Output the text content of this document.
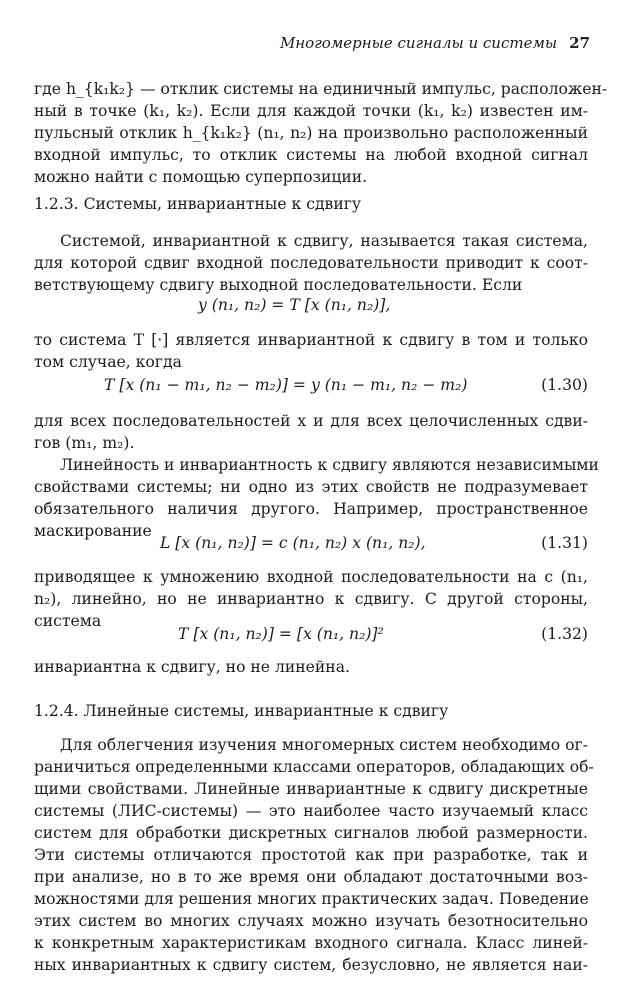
Многомерные сигналы и системы 27
где h_{k₁k₂} — отклик системы на единичный импульс, расположен-
ный в точке (k₁, k₂). Если для каждой точки (k₁, k₂) известен им-
пульсный отклик h_{k₁k₂} (n₁, n₂) на произвольно расположенный
входной импульс, то отклик системы на любой входной сигнал
можно найти с помощью суперпозиции.
1.2.3. Системы, инвариантные к сдвигу
Системой, инвариантной к сдвигу, называется такая система,
для которой сдвиг входной последовательности приводит к соот-
ветствующему сдвигу выходной последовательности. Если
y (n₁, n₂) = T [x (n₁, n₂)],
то система T [·] является инвариантной к сдвигу в том и только
том случае, когда
T [x (n₁ − m₁, n₂ − m₂)] = y (n₁ − m₁, n₂ − m₂)	(1.30)
для всех последовательностей x и для всех целочисленных сдви-
гов (m₁, m₂).
Линейность и инвариантность к сдвигу являются независимыми
свойствами системы; ни одно из этих свойств не подразумевает
обязательного наличия другого. Например, пространственное
маскирование
L [x (n₁, n₂)] = c (n₁, n₂) x (n₁, n₂),	(1.31)
приводящее к умножению входной последовательности на c (n₁,
n₂), линейно, но не инвариантно к сдвигу. С другой стороны,
система
T [x (n₁, n₂)] = [x (n₁, n₂)]²	(1.32)
инвариантна к сдвигу, но не линейна.
1.2.4. Линейные системы, инвариантные к сдвигу
Для облегчения изучения многомерных систем необходимо ог-
раничиться определенными классами операторов, обладающих об-
щими свойствами. Линейные инвариантные к сдвигу дискретные
системы (ЛИС-системы) — это наиболее часто изучаемый класс
систем для обработки дискретных сигналов любой размерности.
Эти системы отличаются простотой как при разработке, так и
при анализе, но в то же время они обладают достаточными воз-
можностями для решения многих практических задач. Поведение
этих систем во многих случаях можно изучать безотносительно
к конкретным характеристикам входного сигнала. Класс линей-
ных инвариантных к сдвигу систем, безусловно, не является наи-
